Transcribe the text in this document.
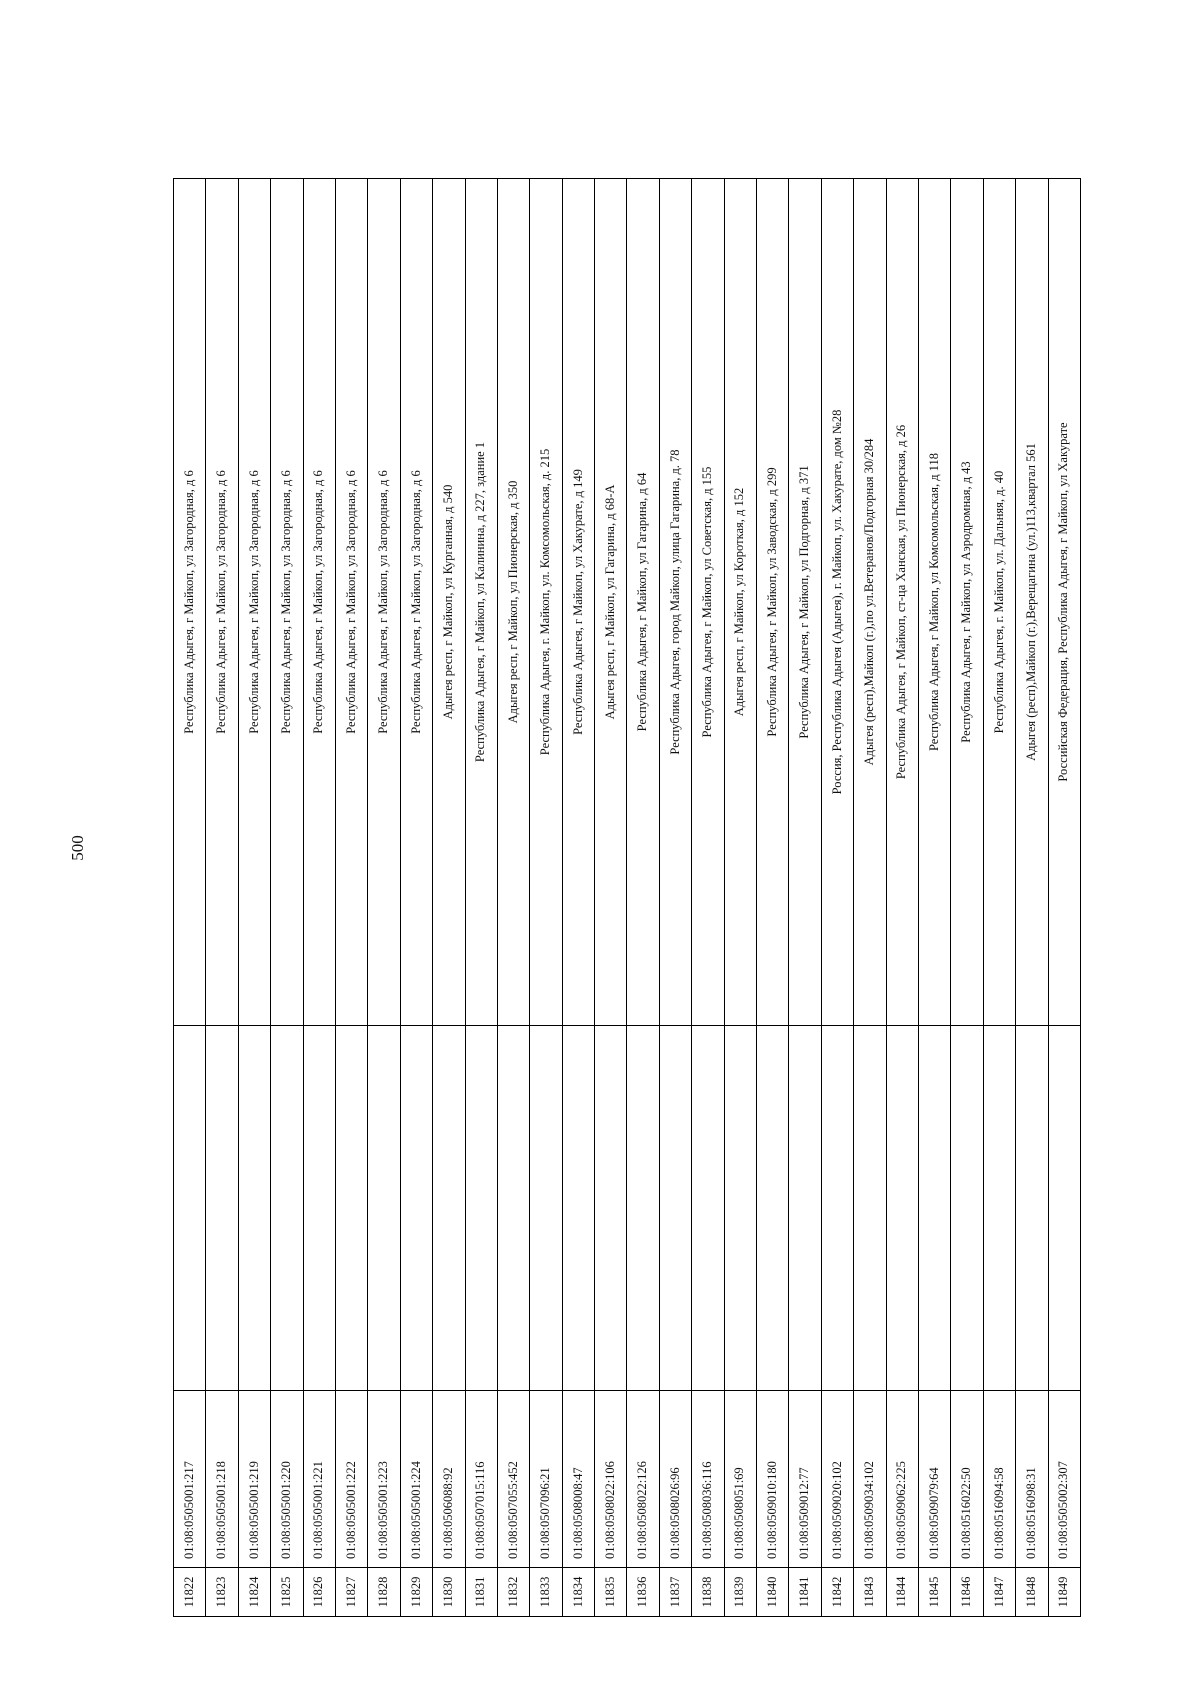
500
11822	01:08:0505001:217		Республика Адыгея, г Майкоп, ул Загородная, д 6
11823	01:08:0505001:218		Республика Адыгея, г Майкоп, ул Загородная, д 6
11824	01:08:0505001:219		Республика Адыгея, г Майкоп, ул Загородная, д 6
11825	01:08:0505001:220		Республика Адыгея, г Майкоп, ул Загородная, д 6
11826	01:08:0505001:221		Республика Адыгея, г Майкоп, ул Загородная, д 6
11827	01:08:0505001:222		Республика Адыгея, г Майкоп, ул Загородная, д 6
11828	01:08:0505001:223		Республика Адыгея, г Майкоп, ул Загородная, д 6
11829	01:08:0505001:224		Республика Адыгея, г Майкоп, ул Загородная, д 6
11830	01:08:0506088:92		Адыгея респ, г Майкоп, ул Курганная, д 540
11831	01:08:0507015:116		Республика Адыгея, г Майкоп, ул Калинина, д 227, здание 1
11832	01:08:0507055:452		Адыгея респ, г Майкоп, ул Пионерская, д 350
11833	01:08:0507096:21		Республика Адыгея, г. Майкоп, ул. Комсомольская, д. 215
11834	01:08:0508008:47		Республика Адыгея, г Майкоп, ул Хакурате, д 149
11835	01:08:0508022:106		Адыгея респ, г Майкоп, ул Гагарина, д 68-А
11836	01:08:0508022:126		Республика Адыгея, г Майкоп, ул Гагарина, д 64
11837	01:08:0508026:96		Республика Адыгея, город Майкоп, улица Гагарина, д. 78
11838	01:08:0508036:116		Республика Адыгея, г Майкоп, ул Советская, д 155
11839	01:08:0508051:69		Адыгея респ, г Майкоп, ул Короткая, д 152
11840	01:08:0509010:180		Республика Адыгея, г Майкоп, ул Заводская, д 299
11841	01:08:0509012:77		Республика Адыгея, г Майкоп, ул Подгорная, д 371
11842	01:08:0509020:102		Россия, Республика Адыгея (Адыгея), г. Майкоп, ул. Хакурате, дом №28
11843	01:08:0509034:102		Адыгея (респ),Майкоп (г.),по ул.Ветеранов/Подгорная 30/284
11844	01:08:0509062:225		Республика Адыгея, г Майкоп, ст-ца Ханская, ул Пионерская, д 26
11845	01:08:0509079:64		Республика Адыгея, г Майкоп, ул Комсомольская, д 118
11846	01:08:0516022:50		Республика Адыгея, г Майкоп, ул Аэродромная, д 43
11847	01:08:0516094:58		Республика Адыгея, г. Майкоп, ул. Дальняя, д. 40
11848	01:08:0516098:31		Адыгея (респ),Майкоп (г.),Верещагина (ул.)113,квартал 561
11849	01:08:0505002:307		Российская Федерация, Республика Адыгея, г Майкоп, ул Хакурате
